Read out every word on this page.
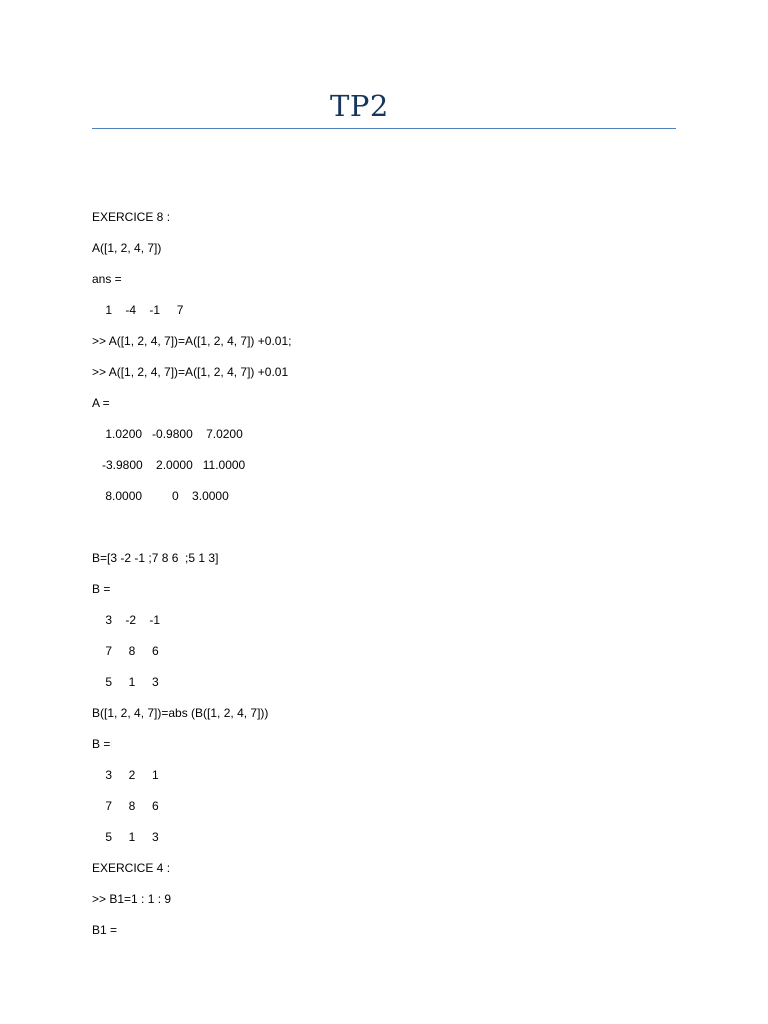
TP2
EXERCICE 8 :
A([1, 2, 4, 7])
ans =
1    -4    -1     7
>> A([1, 2, 4, 7])=A([1, 2, 4, 7]) +0.01;
>> A([1, 2, 4, 7])=A([1, 2, 4, 7]) +0.01
A =
1.0200   -0.9800    7.0200
-3.9800    2.0000   11.0000
8.0000         0    3.0000
B=[3 -2 -1 ;7 8 6  ;5 1 3]
B =
3    -2    -1
7     8     6
5     1     3
B([1, 2, 4, 7])=abs (B([1, 2, 4, 7]))
B =
3     2     1
7     8     6
5     1     3
EXERCICE 4 :
>> B1=1 : 1 : 9
B1 =
